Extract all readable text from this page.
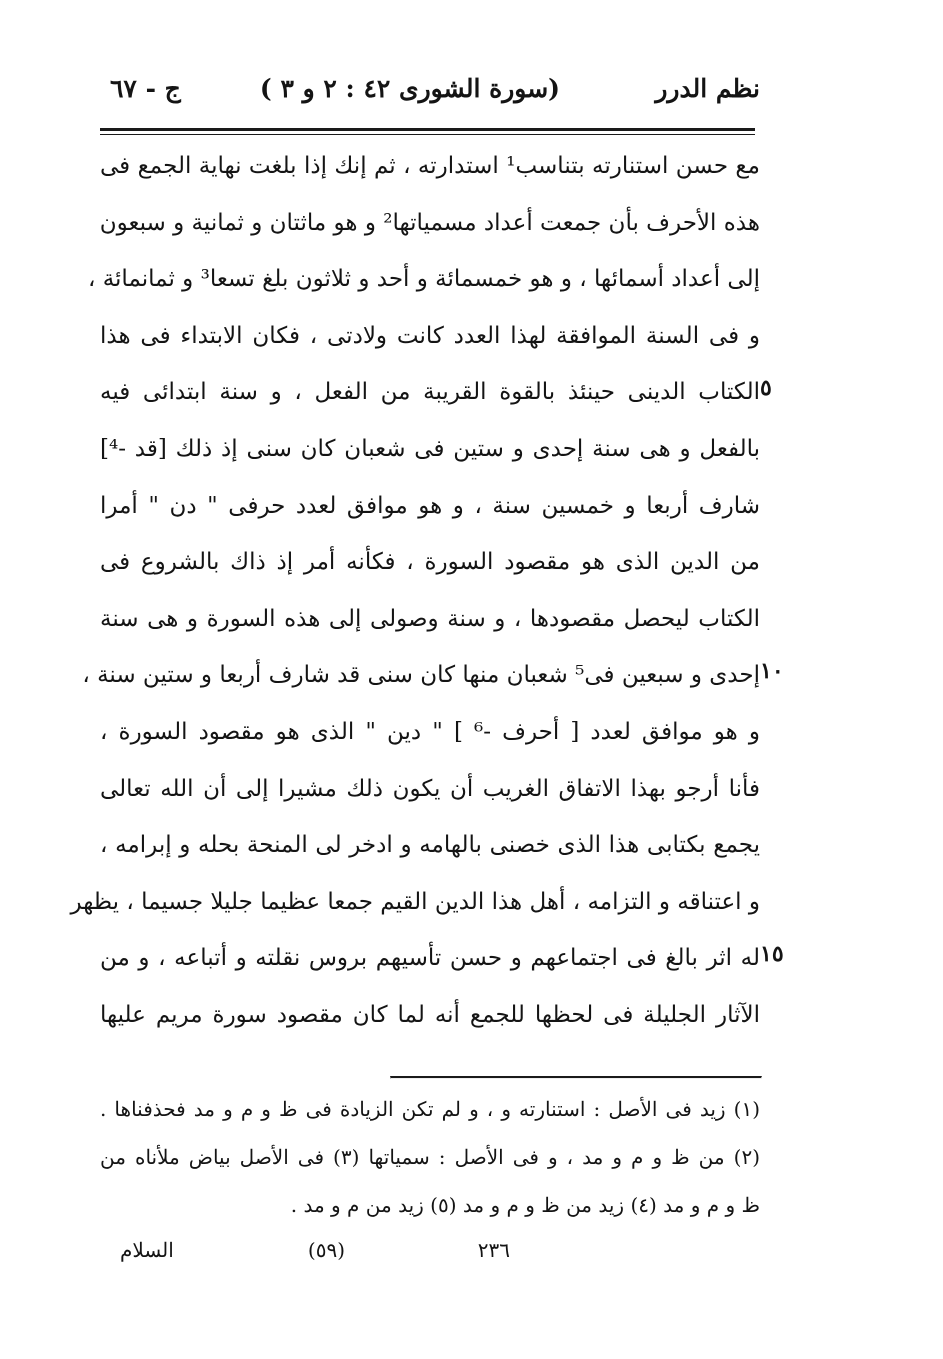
نظم الدرر
(سورة الشورى ٤٢ : ٢ و ٣ )
ج - ٦٧
مع حسن استنارته بتناسب¹ استدارته ، ثم إنك إذا بلغت نهاية الجمع فى
هذه الأحرف بأن جمعت أعداد مسمياتها² و هو ماثتان و ثمانية و سبعون
إلى أعداد أسمائها ، و هو خمسمائة و أحد و ثلاثون بلغ تسعا³ و ثمانمائة ،
و فى السنة الموافقة لهذا العدد كانت ولادتى ، فكان الابتداء فى هذا
الكتاب الدينى حينئذ بالقوة القريبة من الفعل ، و سنة ابتدائى فيه
بالفعل و هى سنة إحدى و ستين فى شعبان كان سنى إذ ذلك [قد -⁴]
شارف أربعا و خمسين سنة ، و هو موافق لعدد حرفى " دن " أمرا
من الدين الذى هو مقصود السورة ، فكأنه أمر إذ ذاك بالشروع فى
الكتاب ليحصل مقصودها ، و سنة وصولى إلى هذه السورة و هى سنة
إحدى و سبعين فى⁵ شعبان منها كان سنى قد شارف أربعا و ستين سنة ،
و هو موافق لعدد [ أحرف -⁶ ] " دين " الذى هو مقصود السورة ،
فأنا أرجو بهذا الاتفاق الغريب أن يكون ذلك مشيرا إلى أن الله تعالى
يجمع بكتابى هذا الذى خصنى بالهامه و ادخر لى المنحة بحله و إبرامه ،
و اعتناقه و التزامه ، أهل هذا الدين القيم جمعا عظيما جليلا جسيما ، يظهر
له اثر بالغ فى اجتماعهم و حسن تأسيهم بروس نقلته و أتباعه ، و من
الآثار الجليلة فى لحظها للجمع أنه لما كان مقصود سورة مريم عليها
٥
١٠
١٥
(١) زيد فى الأصل : استنارته و ، و لم تكن الزيادة فى ظ و م و مد فحذفناها .
(٢) من ظ و م و مد ، و فى الأصل : سمياتها (٣) فى الأصل بياض ملأناه من
ظ و م و مد (٤) زيد من ظ و م و مد (٥) زيد من م و مد .
٢٣٦
(٥٩)
السلام
